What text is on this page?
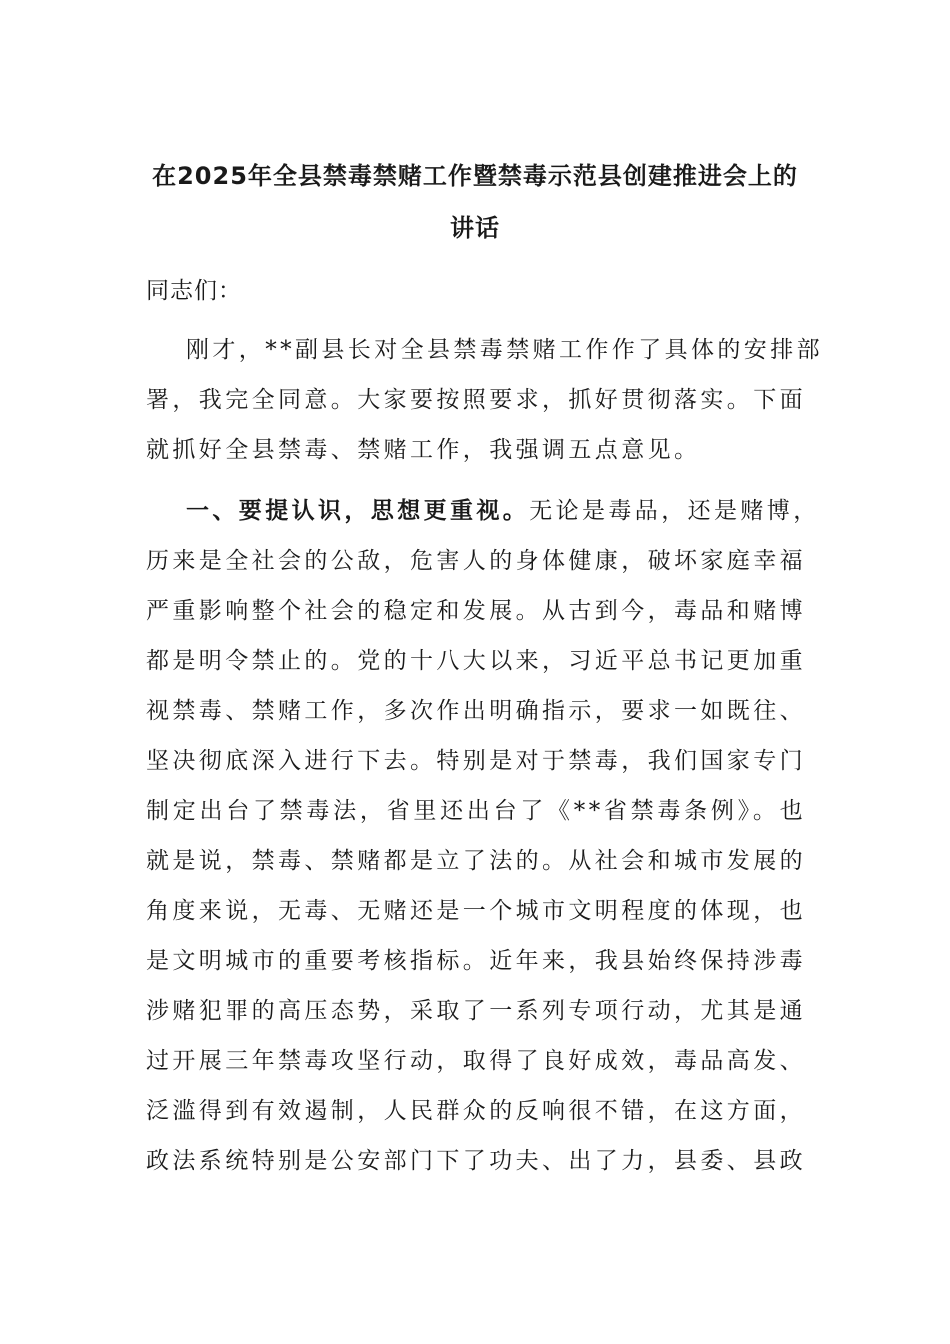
在2025年全县禁毒禁赌工作暨禁毒示范县创建推进会上的
讲话

同志们：

刚才，**副县长对全县禁毒禁赌工作作了具体的安排部
署，我完全同意。大家要按照要求，抓好贯彻落实。下面
就抓好全县禁毒、禁赌工作，我强调五点意见。
一、要提认识，思想更重视。无论是毒品，还是赌博，
历来是全社会的公敌，危害人的身体健康，破坏家庭幸福
严重影响整个社会的稳定和发展。从古到今，毒品和赌博
都是明令禁止的。党的十八大以来，习近平总书记更加重
视禁毒、禁赌工作，多次作出明确指示，要求一如既往、
坚决彻底深入进行下去。特别是对于禁毒，我们国家专门
制定出台了禁毒法，省里还出台了《**省禁毒条例》。也
就是说，禁毒、禁赌都是立了法的。从社会和城市发展的
角度来说，无毒、无赌还是一个城市文明程度的体现，也
是文明城市的重要考核指标。近年来，我县始终保持涉毒
涉赌犯罪的高压态势，采取了一系列专项行动，尤其是通
过开展三年禁毒攻坚行动，取得了良好成效，毒品高发、
泛滥得到有效遏制，人民群众的反响很不错，在这方面，
政法系统特别是公安部门下了功夫、出了力，县委、县政
